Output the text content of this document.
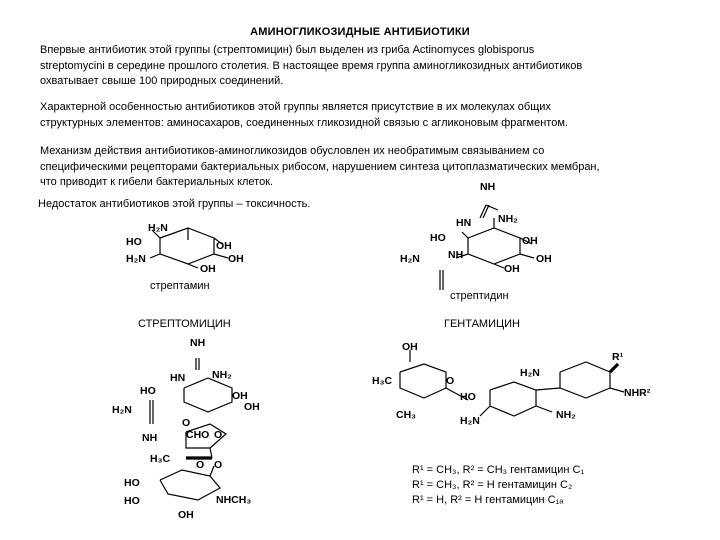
АМИНОГЛИКОЗИДНЫЕ АНТИБИОТИКИ
Впервые антибиотик этой группы (стрептомицин) был выделен из гриба Actinomyces globisporus
streptomycini в середине прошлого столетия. В настоящее время группа аминогликозидных антибиотиков
охватывает свыше 100 природных соединений.
Характерной особенностью антибиотиков этой группы является присутствие в их молекулах общих
структурных элементов: аминосахаров, соединенных гликозидной связью с агликоновым фрагментом.
Механизм действия антибиотиков-аминогликозидов обусловлен их необратимым связыванием со
специфическими рецепторами бактериальных рибосом, нарушением синтеза цитоплазматических мембран,
что приводит к гибели бактериальных клеток.
Недостаток антибиотиков этой группы – токсичность.
H₂N
HO	OH
OH
OH
H₂N
NH
HN	NH₂
HO	OH
OH
OH
NH
H₂N
NH
HN	NH₂
HO	OH
OH
H₂N
O
CHO O
NH
H₃C O O
HO
HO	NHCH₃
OH
OH
H₃C	O
CH₃
HO
H₂N
H₂N
R¹
NHR²
NH₂
стрептамин
стрептидин
СТРЕПТОМИЦИН	ГЕНТАМИЦИН
R¹ = CH₃, R² = CH₃ гентамицин C₁
R¹ = CH₃, R² = H гентамицин C₂
R¹ = H, R² = H гентамицин C₁ₐ
